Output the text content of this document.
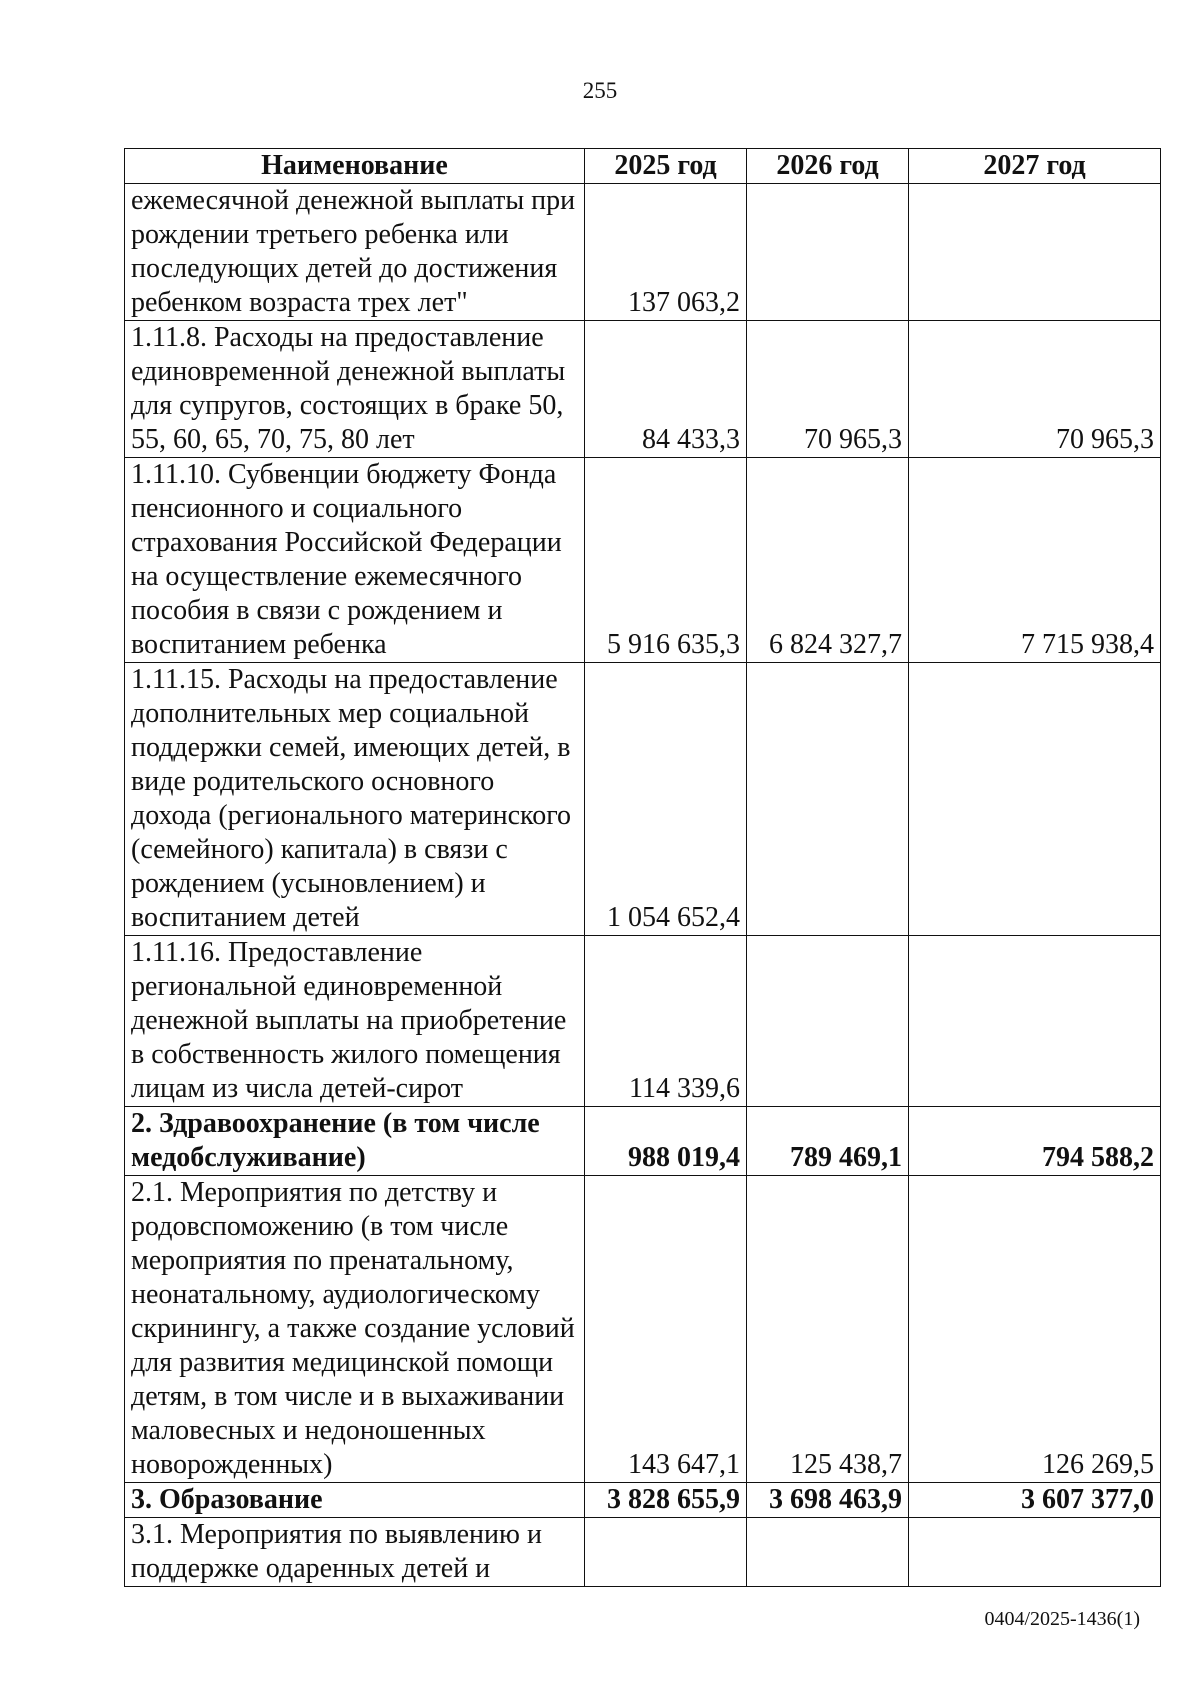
255
Наименование	2025 год	2026 год	2027 год
ежемесячной денежной выплаты при рождении третьего ребенка или последующих детей до достижения ребенком возраста трех лет"	137 063,2		
1.11.8. Расходы на предоставление единовременной денежной выплаты для супругов, состоящих в браке 50, 55, 60, 65, 70, 75, 80 лет	84 433,3	70 965,3	70 965,3
1.11.10. Субвенции бюджету Фонда пенсионного и социального страхования Российской Федерации на осуществление ежемесячного пособия в связи с рождением и воспитанием ребенка	5 916 635,3	6 824 327,7	7 715 938,4
1.11.15. Расходы на предоставление дополнительных мер социальной поддержки семей, имеющих детей, в виде родительского основного дохода (регионального материнского (семейного) капитала) в связи с рождением (усыновлением) и воспитанием детей	1 054 652,4		
1.11.16. Предоставление региональной единовременной денежной выплаты на приобретение в собственность жилого помещения лицам из числа детей-сирот	114 339,6		
2. Здравоохранение (в том числе медобслуживание)	988 019,4	789 469,1	794 588,2
2.1. Мероприятия по детству и родовспоможению (в том числе мероприятия по пренатальному, неонатальному, аудиологическому скринингу, а также создание условий для развития медицинской помощи детям, в том числе и в выхаживании маловесных и недоношенных новорожденных)	143 647,1	125 438,7	126 269,5
3. Образование	3 828 655,9	3 698 463,9	3 607 377,0
3.1. Мероприятия по выявлению и поддержке одаренных детей и			
0404/2025-1436(1)
